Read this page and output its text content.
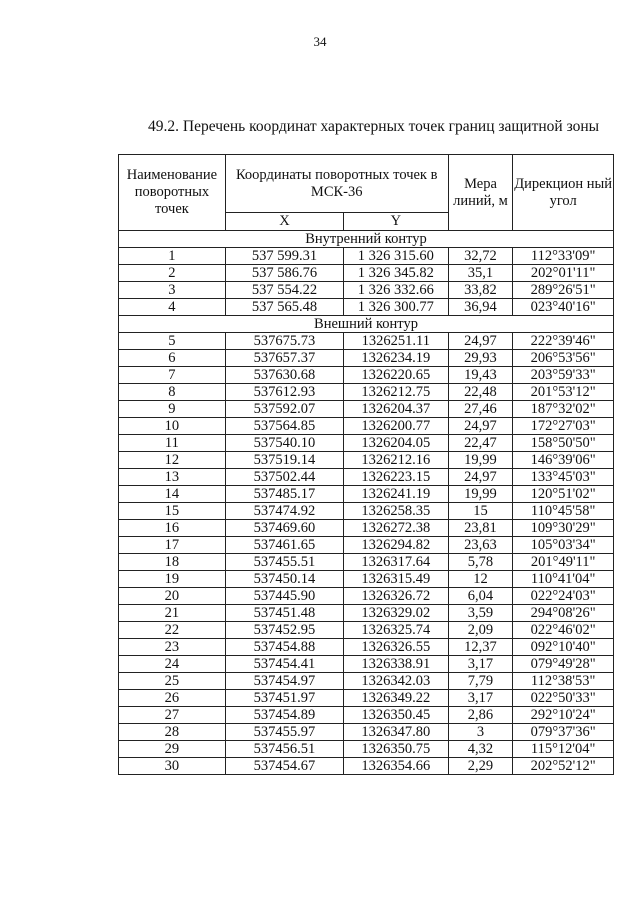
34
49.2. Перечень координат характерных точек границ защитной зоны
Наименование поворотных точек	Координаты поворотных точек в МСК-36		Мера линий, м	Дирекцион ный угол
	X	Y		
Внутренний контур				
1	537 599.31	1 326 315.60	32,72	112°33'09"
2	537 586.76	1 326 345.82	35,1	202°01'11"
3	537 554.22	1 326 332.66	33,82	289°26'51"
4	537 565.48	1 326 300.77	36,94	023°40'16"
Внешний контур				
5	537675.73	1326251.11	24,97	222°39'46"
6	537657.37	1326234.19	29,93	206°53'56"
7	537630.68	1326220.65	19,43	203°59'33"
8	537612.93	1326212.75	22,48	201°53'12"
9	537592.07	1326204.37	27,46	187°32'02"
10	537564.85	1326200.77	24,97	172°27'03"
11	537540.10	1326204.05	22,47	158°50'50"
12	537519.14	1326212.16	19,99	146°39'06"
13	537502.44	1326223.15	24,97	133°45'03"
14	537485.17	1326241.19	19,99	120°51'02"
15	537474.92	1326258.35	15	110°45'58"
16	537469.60	1326272.38	23,81	109°30'29"
17	537461.65	1326294.82	23,63	105°03'34"
18	537455.51	1326317.64	5,78	201°49'11"
19	537450.14	1326315.49	12	110°41'04"
20	537445.90	1326326.72	6,04	022°24'03"
21	537451.48	1326329.02	3,59	294°08'26"
22	537452.95	1326325.74	2,09	022°46'02"
23	537454.88	1326326.55	12,37	092°10'40"
24	537454.41	1326338.91	3,17	079°49'28"
25	537454.97	1326342.03	7,79	112°38'53"
26	537451.97	1326349.22	3,17	022°50'33"
27	537454.89	1326350.45	2,86	292°10'24"
28	537455.97	1326347.80	3	079°37'36"
29	537456.51	1326350.75	4,32	115°12'04"
30	537454.67	1326354.66	2,29	202°52'12"
